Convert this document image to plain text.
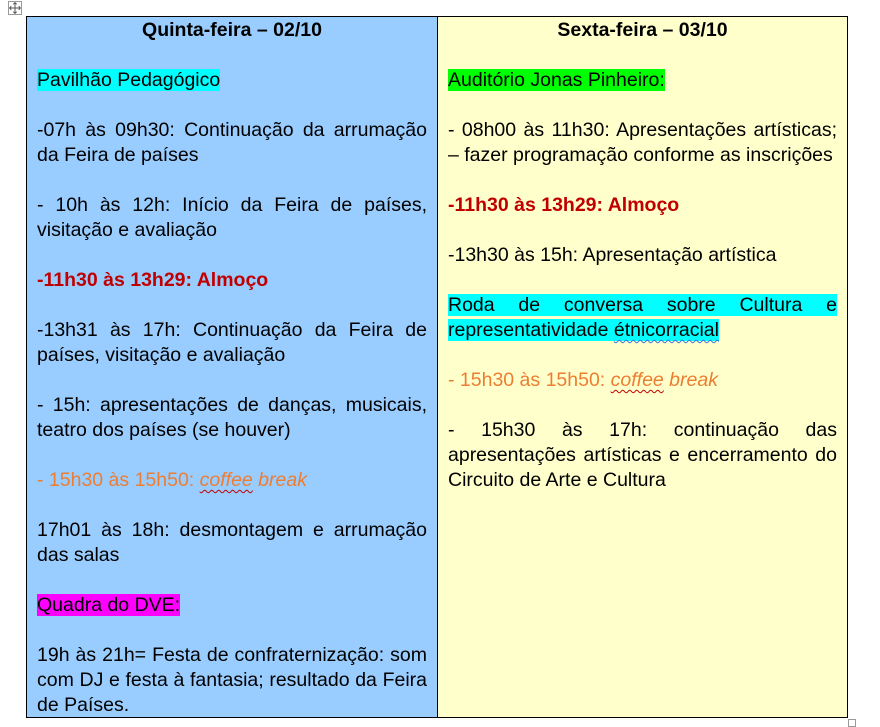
Quinta-feira – 02/10

Pavilhão Pedagógico

-07h às 09h30: Continuação da arrumação da Feira de países

- 10h às 12h: Início da Feira de países, visitação e avaliação

-11h30 às 13h29: Almoço

-13h31 às 17h: Continuação da Feira de países, visitação e avaliação

- 15h: apresentações de danças, musicais, teatro dos países (se houver)

- 15h30 às 15h50: coffee break

17h01 às 18h: desmontagem e arrumação das salas

Quadra do DVE:

19h às 21h= Festa de confraternização: som com DJ e festa à fantasia; resultado da Feira de Países.

Sexta-feira – 03/10

Auditório Jonas Pinheiro:

- 08h00 às 11h30: Apresentações artísticas; – fazer programação conforme as inscrições

-11h30 às 13h29: Almoço

-13h30 às 15h: Apresentação artística

Roda de conversa sobre Cultura e representatividade étnicorracial

- 15h30 às 15h50: coffee break

- 15h30 às 17h: continuação das apresentações artísticas e encerramento do Circuito de Arte e Cultura
